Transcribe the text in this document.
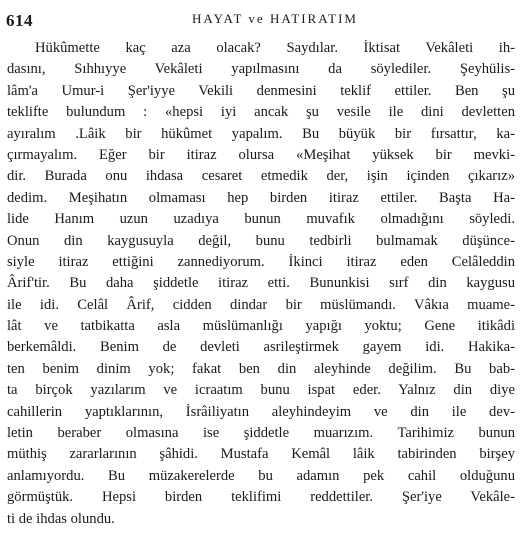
614	HAYAT ve HATIRATIM
Hükûmette kaç aza olacak? Saydılar. İktisat Vekâleti ih-
dasını, Sıhhıyye Vekâleti yapılmasını da söylediler. Şeyhülis-
lâm'a Umur-i Şer'iyye Vekili denmesini teklif ettiler. Ben şu
teklifte bulundum : «hepsi iyi ancak şu vesile ile dini devletten
ayıralım .Lâik bir hükûmet yapalım. Bu büyük bir fırsattır, ka-
çırmayalım. Eğer bir itiraz olursa «Meşihat yüksek bir mevki-
dir. Burada onu ihdasa cesaret etmedik der, işin içinden çıkarız»
dedim. Meşihatın olmaması hep birden itiraz ettiler. Başta Ha-
lide Hanım uzun uzadıya bunun muvafık olmadığını söyledi.
Onun din kaygusuyla değil, bunu tedbirli bulmamak düşünce-
siyle itiraz ettiğini zannediyorum. İkinci itiraz eden Celâleddin
Ârif'tir. Bu daha şiddetle itiraz etti. Bununkisi sırf din kaygusu
ile idi. Celâl Ârif, cidden dindar bir müslümandı. Vâkıa muame-
lât ve tatbikatta asla müslümanlığı yapığı yoktu; Gene itikâdi
berkemâldi. Benim de devleti asrileştirmek gayem idi. Hakika-
ten benim dinim yok; fakat ben din aleyhinde değilim. Bu bab-
ta birçok yazılarım ve icraatım bunu ispat eder. Yalnız din diye
cahillerin yaptıklarının, İsrâiliyatın aleyhindeyim ve din ile dev-
letin beraber olmasına ise şiddetle muarızım. Tarihimiz bunun
müthiş zararlarının şâhidi. Mustafa Kemâl lâik tabirinden birşey
anlamıyordu. Bu müzakerelerde bu adamın pek cahil olduğunu
görmüştük. Hepsi birden teklifimi reddettiler. Şer'iye Vekâle-
ti de ihdas olundu.
